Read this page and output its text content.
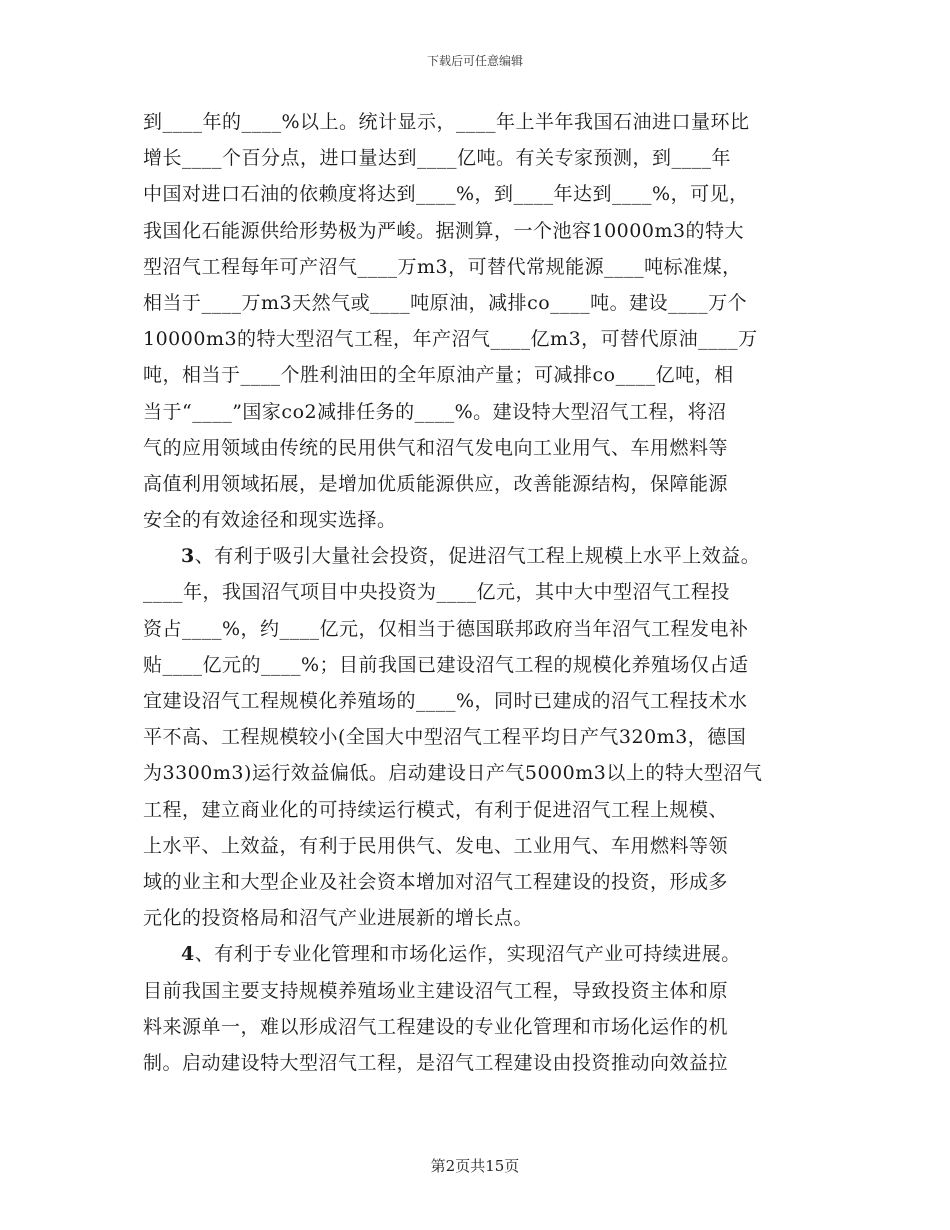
下载后可任意编辑
到____年的____%以上。统计显示，____年上半年我国石油进口量环比
增长____个百分点，进口量达到____亿吨。有关专家预测，到____年
中国对进口石油的依赖度将达到____%，到____年达到____%，可见，
我国化石能源供给形势极为严峻。据测算，一个池容10000m3的特大
型沼气工程每年可产沼气____万m3，可替代常规能源____吨标准煤，
相当于____万m3天然气或____吨原油，减排co____吨。建设____万个
10000m3的特大型沼气工程，年产沼气____亿m3，可替代原油____万
吨，相当于____个胜利油田的全年原油产量；可减排co____亿吨，相
当于“____”国家co2减排任务的____%。建设特大型沼气工程，将沼
气的应用领域由传统的民用供气和沼气发电向工业用气、车用燃料等
高值利用领域拓展，是增加优质能源供应，改善能源结构，保障能源
安全的有效途径和现实选择。
3、有利于吸引大量社会投资，促进沼气工程上规模上水平上效益。
____年，我国沼气项目中央投资为____亿元，其中大中型沼气工程投
资占____%，约____亿元，仅相当于德国联邦政府当年沼气工程发电补
贴____亿元的____%；目前我国已建设沼气工程的规模化养殖场仅占适
宜建设沼气工程规模化养殖场的____%，同时已建成的沼气工程技术水
平不高、工程规模较小(全国大中型沼气工程平均日产气320m3，德国
为3300m3)运行效益偏低。启动建设日产气5000m3以上的特大型沼气
工程，建立商业化的可持续运行模式，有利于促进沼气工程上规模、
上水平、上效益，有利于民用供气、发电、工业用气、车用燃料等领
域的业主和大型企业及社会资本增加对沼气工程建设的投资，形成多
元化的投资格局和沼气产业进展新的增长点。
4、有利于专业化管理和市场化运作，实现沼气产业可持续进展。
目前我国主要支持规模养殖场业主建设沼气工程，导致投资主体和原
料来源单一，难以形成沼气工程建设的专业化管理和市场化运作的机
制。启动建设特大型沼气工程，是沼气工程建设由投资推动向效益拉
第2页共15页
